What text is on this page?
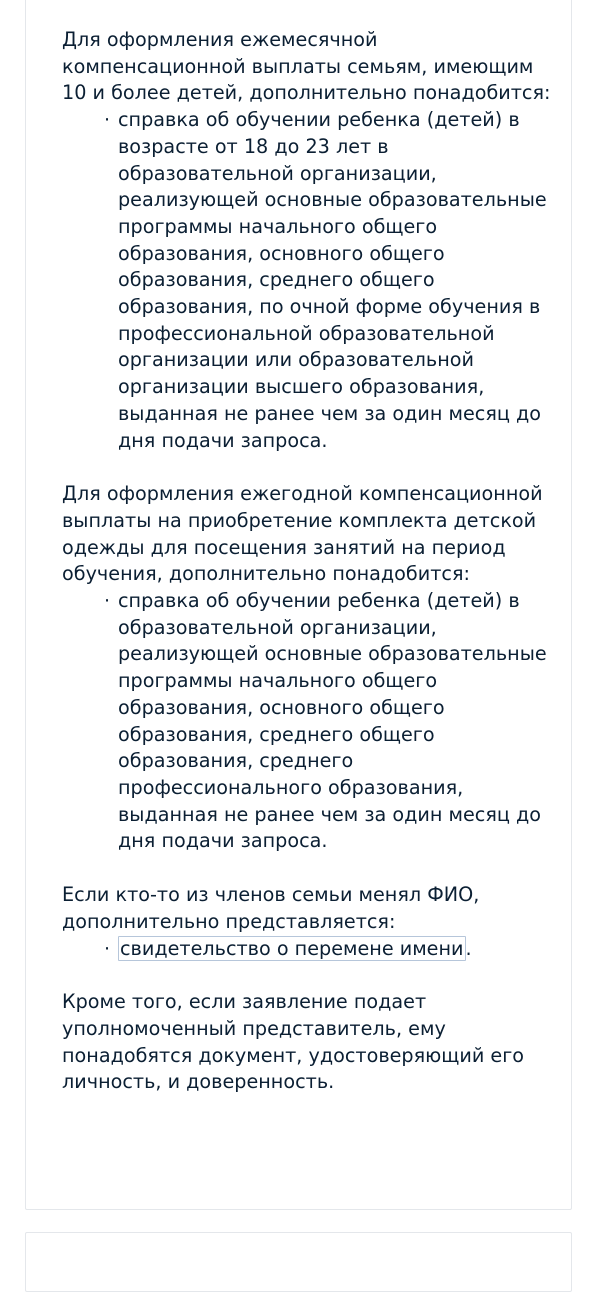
Для оформления ежемесячной компенсационной выплаты семьям, имеющим 10 и более детей, дополнительно понадобится:

· справка об обучении ребенка (детей) в возрасте от 18 до 23 лет в образовательной организации, реализующей основные образовательные программы начального общего образования, основного общего образования, среднего общего образования, по очной форме обучения в профессиональной образовательной организации или образовательной организации высшего образования, выданная не ранее чем за один месяц до дня подачи запроса.

Для оформления ежегодной компенсационной выплаты на приобретение комплекта детской одежды для посещения занятий на период обучения, дополнительно понадобится:

· справка об обучении ребенка (детей) в образовательной организации, реализующей основные образовательные программы начального общего образования, основного общего образования, среднего общего образования, среднего профессионального образования, выданная не ранее чем за один месяц до дня подачи запроса.

Если кто-то из членов семьи менял ФИО, дополнительно представляется:

· свидетельство о перемене имени .

Кроме того, если заявление подает уполномоченный представитель, ему понадобятся документ, удостоверяющий его личность, и доверенность.
